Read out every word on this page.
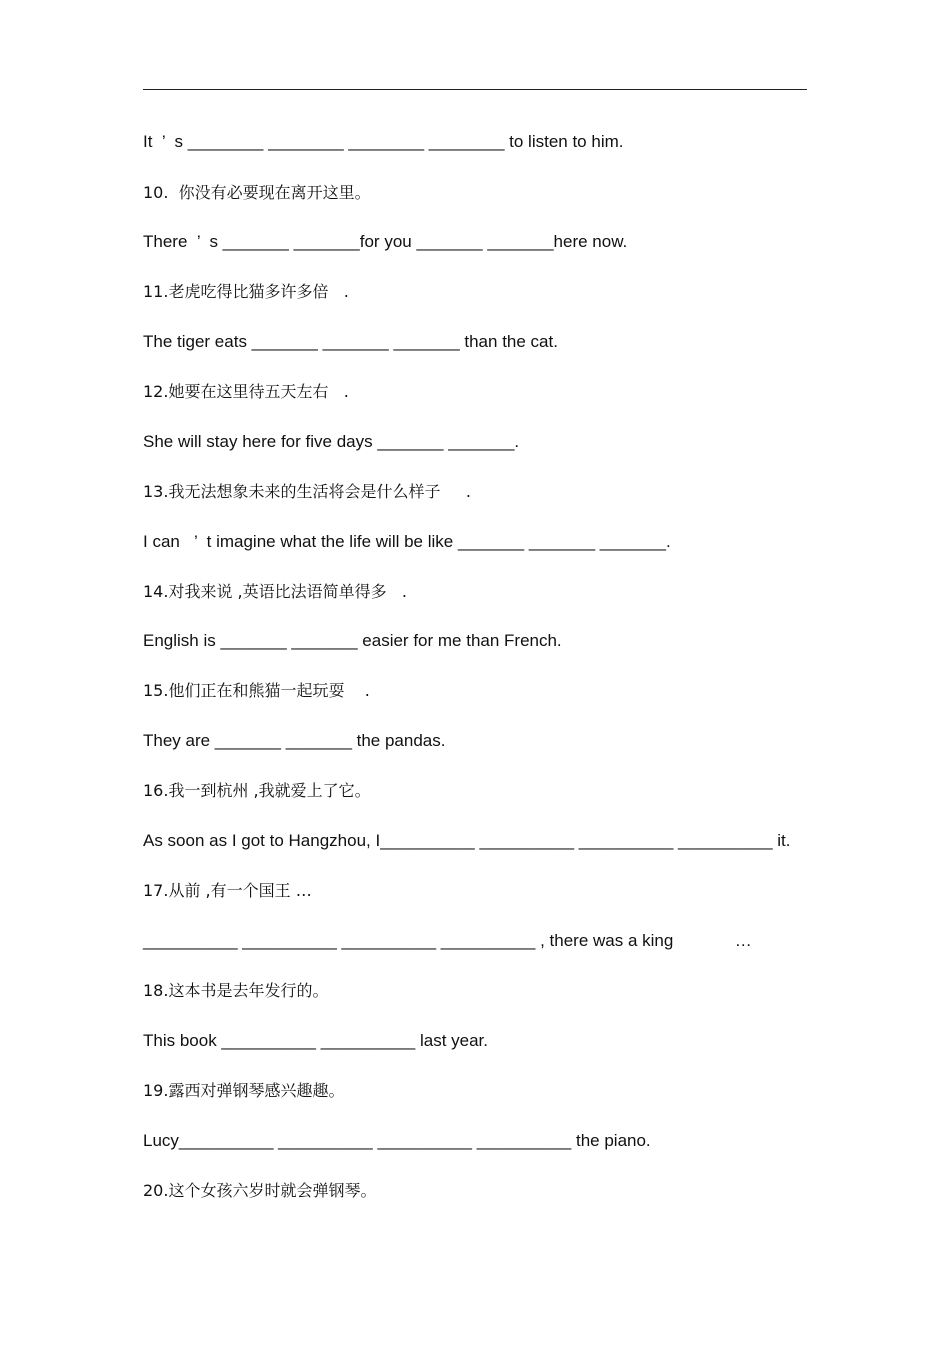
It  ’  s ________ ________ ________ ________ to listen to him.
10.  你没有必要现在离开这里。
There  ’  s _______ _______for you _______ _______here now.
11.老虎吃得比猫多许多倍   .
The tiger eats _______ _______ _______ than the cat.
12.她要在这里待五天左右   .
She will stay here for five days _______ _______.
13.我无法想象未来的生活将会是什么样子     .
I can   ’  t imagine what the life will be like _______ _______ _______.
14.对我来说 ,英语比法语简单得多   .
English is _______ _______ easier for me than French.
15.他们正在和熊猫一起玩耍    .
They are _______ _______ the pandas.
16.我一到杭州 ,我就爱上了它。
As soon as I got to Hangzhou, I__________ __________ __________ __________ it.
17.从前 ,有一个国王 …
__________ __________ __________ __________ , there was a king             …
18.这本书是去年发行的。
This book __________ __________ last year.
19.露西对弹钢琴感兴趣趣。
Lucy__________ __________ __________ __________ the piano.
20.这个女孩六岁时就会弹钢琴。
